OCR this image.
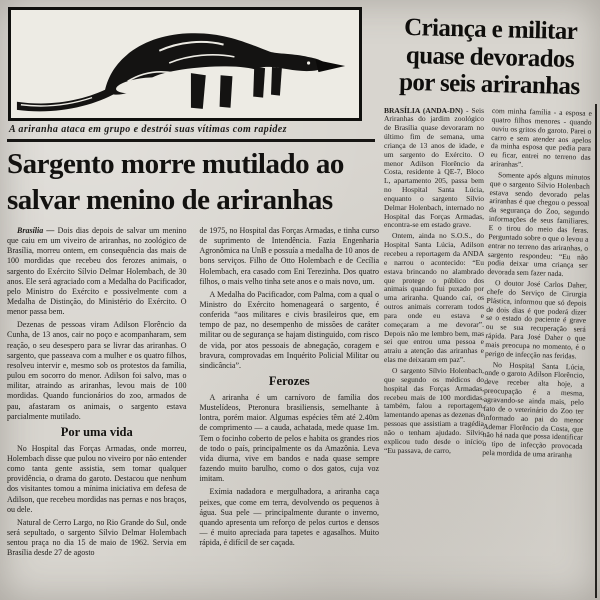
A ariranha ataca em grupo e destrói suas vítimas com rapidez
Sargento morre mutilado ao
salvar menino de ariranhas

Brasília — Dois dias depois de salvar um menino que caiu em um viveiro de ariranhas, no zoológico de Brasília, morreu ontem, em consequência das mais de 100 mordidas que recebeu dos ferozes animais, o sargento do Exército Sílvio Delmar Holembach, de 30 anos. Ele será agraciado com a Medalha do Pacificador, pelo Ministro do Exército e possivelmente com a Medalha de Distinção, do Ministério do Exército. O menor passa bem.

Dezenas de pessoas viram Adilson Florêncio da Cunha, de 13 anos, cair no poço e acompanharam, sem reação, o seu desespero para se livrar das ariranhas. O sargento, que passeava com a mulher e os quatro filhos, resolveu intervir e, mesmo sob os protestos da família, pulou em socorro do menor. Adilson foi salvo, mas o militar, atraindo as ariranhas, levou mais de 100 mordidas. Quando funcionários do zoo, armados de pau, afastaram os animais, o sargento estava parcialmente mutilado.

Por uma vida

No Hospital das Forças Armadas, onde morreu, Holembach disse que pulou no viveiro por não entender como tanta gente assistia, sem tomar qualquer providência, o drama do garoto. Destacou que nenhum dos visitantes tomou a mínima iniciativa em defesa de Adilson, que recebeu mordidas nas pernas e nos braços, ou dele.

Natural de Cerro Largo, no Rio Grande do Sul, onde será sepultado, o sargento Sílvio Delmar Holembach sentou praça no dia 15 de maio de 1962. Servia em Brasília desde 27 de agosto

de 1975, no Hospital das Forças Armadas, e tinha curso de suprimento de Intendência. Fazia Engenharia Agronômica na UnB e possuía a medalha de 10 anos de bons serviços. Filho de Otto Holembach e de Cecília Holembach, era casado com Eni Terezinha. Dos quatro filhos, o mais velho tinha sete anos e o mais novo, um.

A Medalha do Pacificador, com Palma, com a qual o Ministro do Exército homenageará o sargento, é conferida “aos militares e civis brasileiros que, em tempo de paz, no desempenho de missões de caráter militar ou de segurança se hajam distinguido, com risco de vida, por atos pessoais de abnegação, coragem e bravura, comprovadas em Inquérito Policial Militar ou sindicância”.

Ferozes

A ariranha é um carnívoro de família dos Mustelídeos, Pteronura brasiliensis, semelhante à lontra, porém maior. Algumas espécies têm até 2.40m de comprimento — a cauda, achatada, mede quase 1m. Tem o focinho coberto de pelos e habita os grandes rios de todo o país, principalmente os da Amazônia. Leva vida diurna, vive em bandos e nada quase sempre fazendo muito barulho, como o dos gatos, cuja voz imitam.

Exímia nadadora e mergulhadora, a ariranha caça peixes, que come em terra, devolvendo os pequenos à água. Sua pele — principalmente durante o inverno, quando apresenta um reforço de pelos curtos e densos — é muito apreciada para tapetes e agasalhos. Muito rápida, é difícil de ser caçada.

Criança e militar
quase devorados
por seis ariranhas

BRASÍLIA (ANDA-DN) - Seis Ariranhas do jardim zoológico de Brasília quase devoraram no último fim de semana, uma criança de 13 anos de idade, e um sargento do Exército. O menor Adilson Florêncio da Costa, residente à QE-7, Bloco L, apartamento 205, passa bem no Hospital Santa Lúcia, enquanto o sargento Sílvio Delmar Holenbach, internado no Hospital das Forças Armadas, encontra-se em estado grave.

Ontem, ainda no S.O.S., do Hospital Santa Lúcia, Adilson recebeu a reportagem da ANDA e narrou o acontecido: “Eu estava brincando no alambrado que protege o público dos animais quando fui puxado por uma ariranha. Quando caí, os outros animais correram todos para onde eu estava e começaram a me devorar”. Depois não me lembro bem, mas sei que entrou uma pessoa e atraiu a atenção das ariranhas e elas me deixaram em paz”.

O sargento Sílvio Holenbach, que segundo os médicos do hospital das Forças Armadas, recebeu mais de 100 mordidas, também, falou a reportagem, lamentando apenas as dezenas de pessoas que assistiam a tragédia não o tenham ajudado. Sílvio explicou tudo desde o início: “Eu passava, de carro,

com minha família - a esposa e quatro filhos menores - quando ouviu os gritos do garoto. Parei o carro e sem atender aos apelos da minha esposa que pedia para eu ficar, entrei no terreno das ariranhas”.

Somente após alguns minutos que o sargento Sílvio Holenbach estava sendo devorado pelas ariranhas é que chegou o pessoal da segurança do Zoo, segundo informações de seus familiares. E o tirou do meio das feras. Perguntado sobre o que o levou a entrar no terreno das ariranhas, o sargento respondeu: “Eu não podia deixar uma criança ser devorada sem fazer nada.

O doutor José Carlos Daher, chefe do Serviço de Cirurgia Plástica, informou que só depois de dois dias é que poderá dizer se o estado do paciente é grave ou se sua recuperação será rápida. Para José Daher o que mais preocupa no momento, é o perigo de infecção nas feridas.

No Hospital Santa Lúcia, onde o garoto Adilson Florêncio, deve receber alta hoje, a preocupação é a mesma, agravando-se ainda mais, pelo fato de o veterinário do Zoo ter informado ao pai do menor Ademar Florêncio da Costa, que não há nada que possa identificar o tipo de infecção provocada pela mordida de uma ariranha
